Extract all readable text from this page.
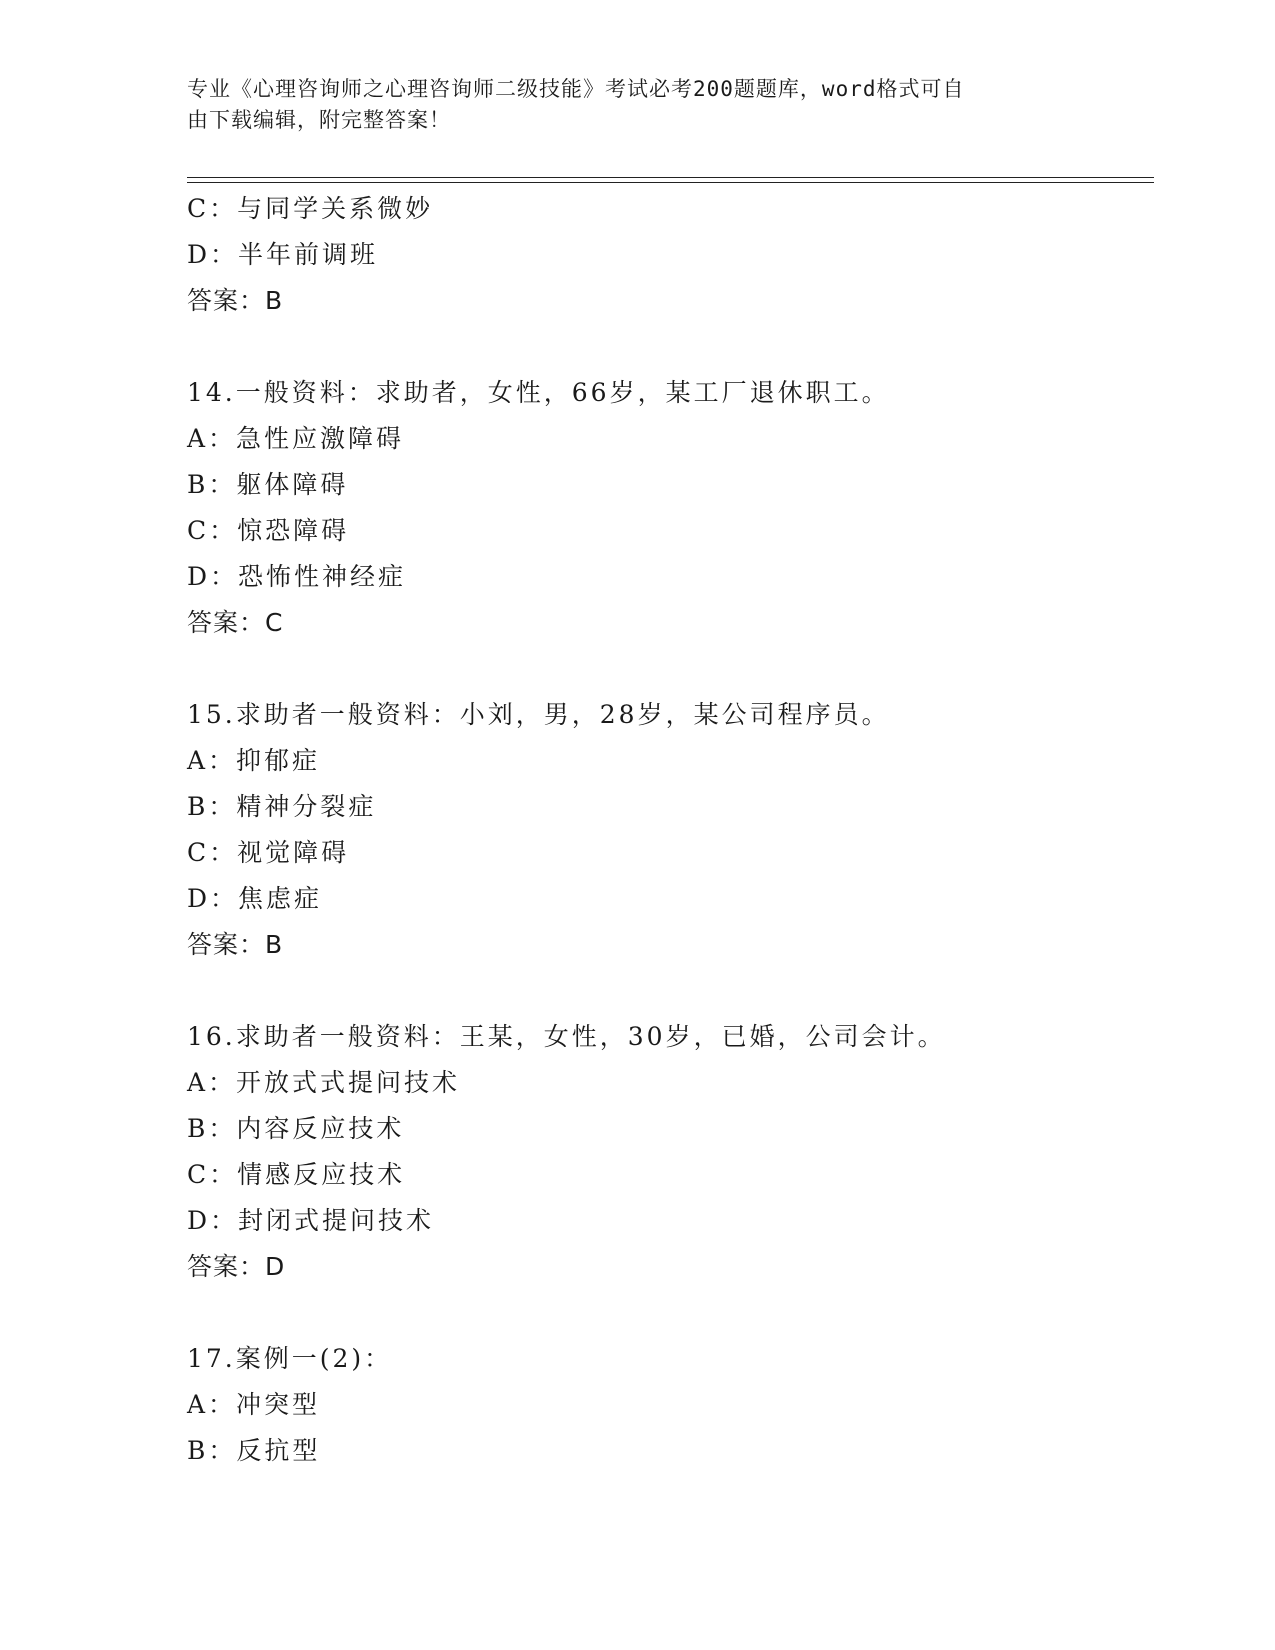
专业《心理咨询师之心理咨询师二级技能》考试必考200题题库，word格式可自
由下载编辑，附完整答案！
C：与同学关系微妙
D：半年前调班
答案：B
14.一般资料：求助者，女性，66岁，某工厂退休职工。
A：急性应激障碍
B：躯体障碍
C：惊恐障碍
D：恐怖性神经症
答案：C
15.求助者一般资料：小刘，男，28岁，某公司程序员。
A：抑郁症
B：精神分裂症
C：视觉障碍
D：焦虑症
答案：B
16.求助者一般资料：王某，女性，30岁，已婚，公司会计。
A：开放式式提问技术
B：内容反应技术
C：情感反应技术
D：封闭式提问技术
答案：D
17.案例一(2)：
A：冲突型
B：反抗型
